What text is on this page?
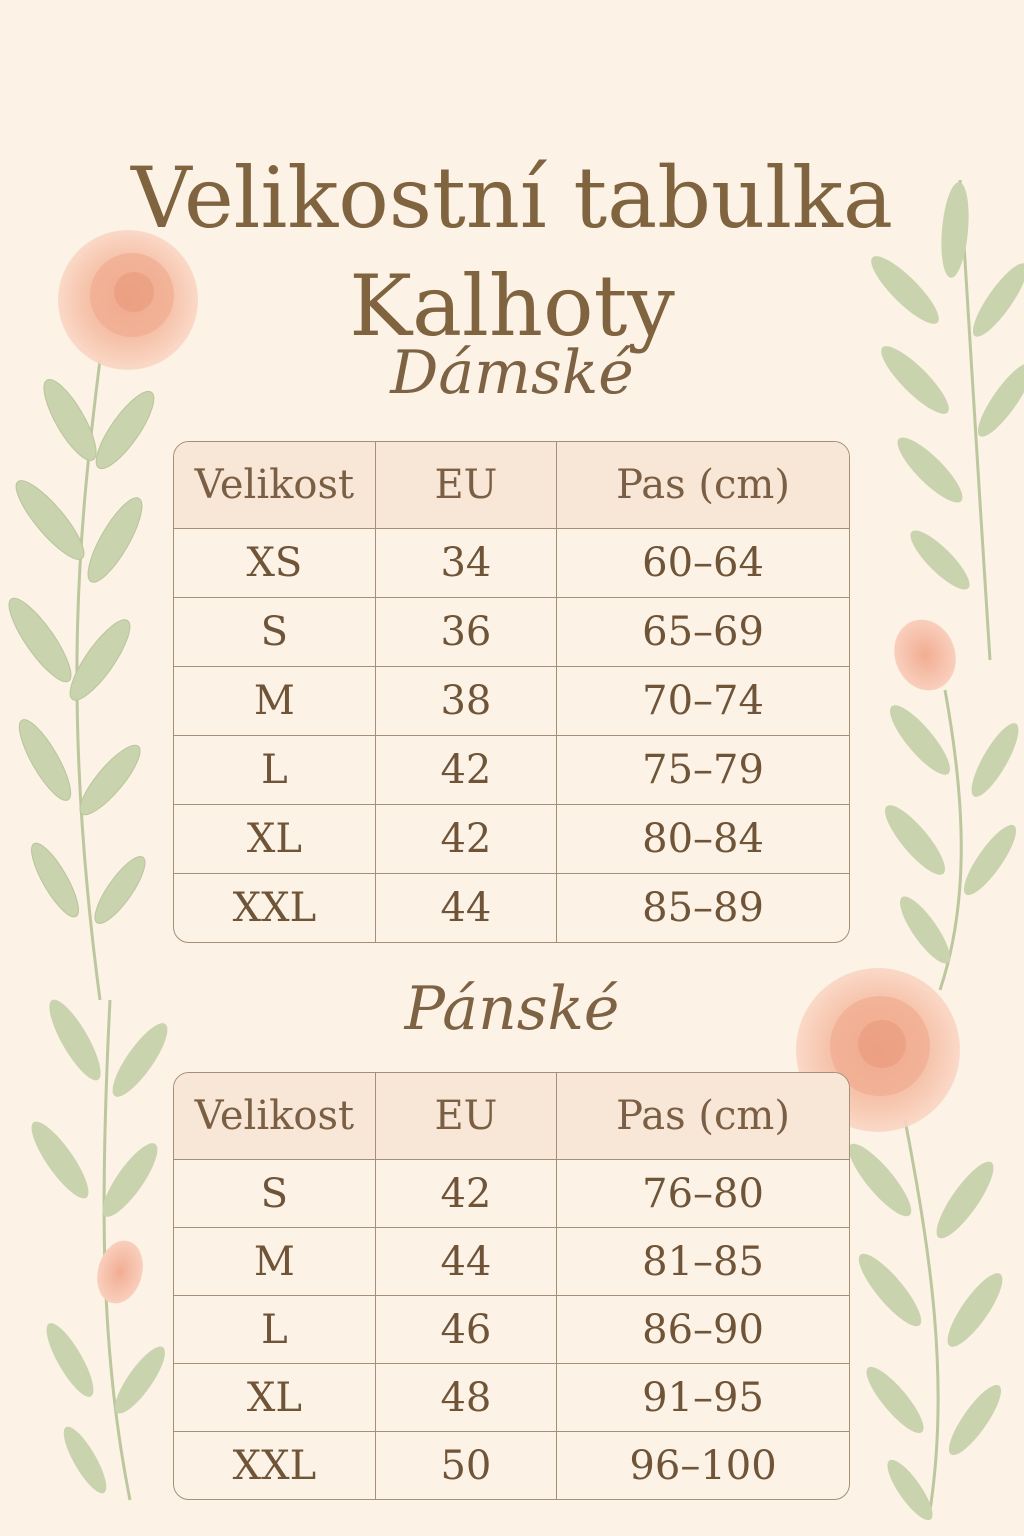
Velikostní tabulka
Kalhoty
Dámské
Velikost	EU	Pas (cm)
XS	34	60–64
S	36	65–69
M	38	70–74
L	42	75–79
XL	42	80–84
XXL	44	85–89
Pánské
Velikost	EU	Pas (cm)
S	42	76–80
M	44	81–85
L	46	86–90
XL	48	91–95
XXL	50	96–100
